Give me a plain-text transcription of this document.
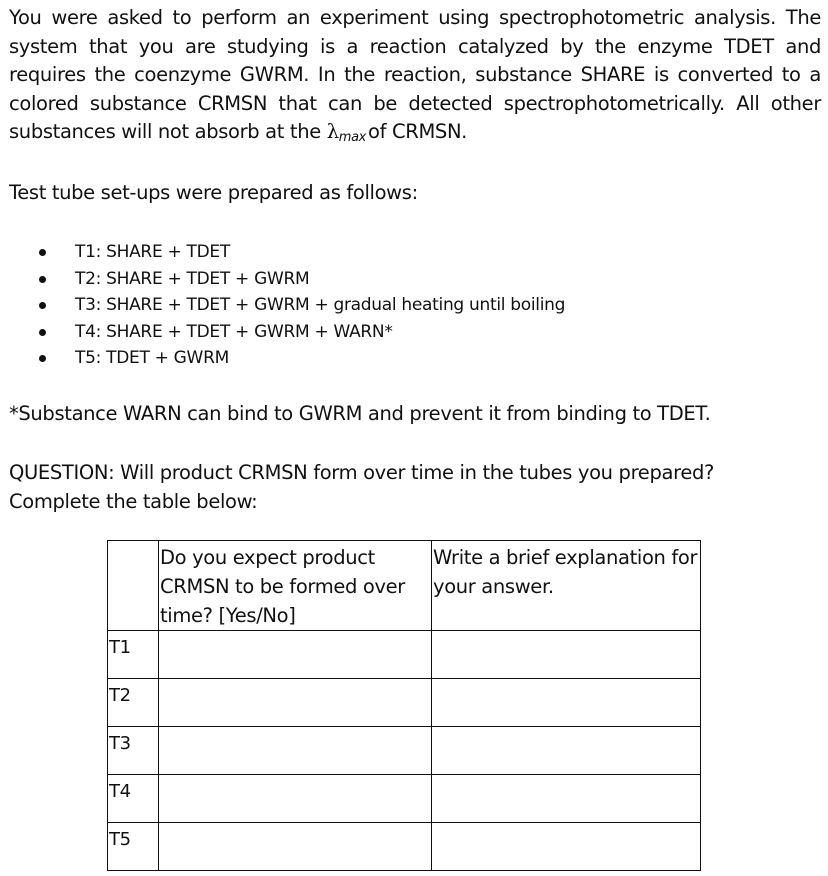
You were asked to perform an experiment using spectrophotometric analysis. The system that you are studying is a reaction catalyzed by the enzyme TDET and requires the coenzyme GWRM. In the reaction, substance SHARE is converted to a colored substance CRMSN that can be detected spectrophotometrically. All other substances will not absorb at the λmax of CRMSN.

Test tube set-ups were prepared as follows:

T1: SHARE + TDET
T2: SHARE + TDET + GWRM
T3: SHARE + TDET + GWRM + gradual heating until boiling
T4: SHARE + TDET + GWRM + WARN*
T5: TDET + GWRM

*Substance WARN can bind to GWRM and prevent it from binding to TDET.

QUESTION: Will product CRMSN form over time in the tubes you prepared?
Complete the table below:

	Do you expect product CRMSN to be formed over time? [Yes/No]	Write a brief explanation for your answer.

T1		

T2		

T3		

T4		

T5		
